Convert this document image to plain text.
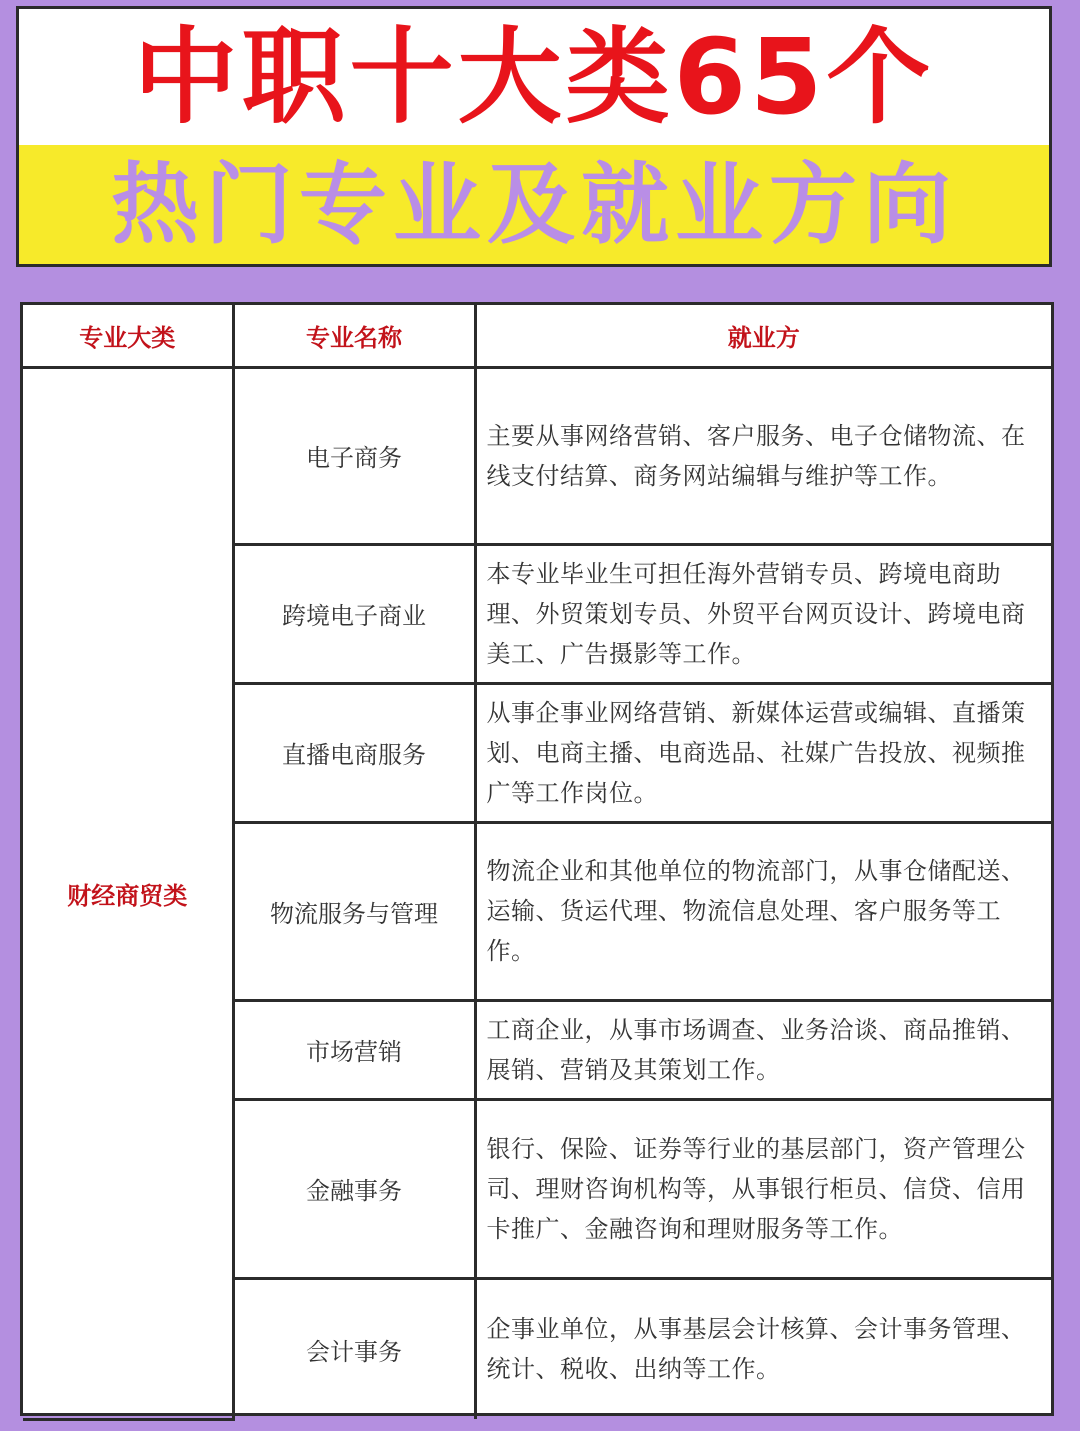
中职十大类65个
热门专业及就业方向
专业大类	专业名称	就业方
财经商贸类	电子商务	主要从事网络营销、客户服务、电子仓储物流、在线支付结算、商务网站编辑与维护等工作。
	跨境电子商业	本专业毕业生可担任海外营销专员、跨境电商助理、外贸策划专员、外贸平台网页设计、跨境电商美工、广告摄影等工作。
	直播电商服务	从事企事业网络营销、新媒体运营或编辑、直播策划、电商主播、电商选品、社媒广告投放、视频推广等工作岗位。
	物流服务与管理	物流企业和其他单位的物流部门，从事仓储配送、运输、货运代理、物流信息处理、客户服务等工作。
	市场营销	工商企业，从事市场调查、业务洽谈、商品推销、展销、营销及其策划工作。
	金融事务	银行、保险、证券等行业的基层部门，资产管理公司、理财咨询机构等，从事银行柜员、信贷、信用卡推广、金融咨询和理财服务等工作。
	会计事务	企事业单位，从事基层会计核算、会计事务管理、统计、税收、出纳等工作。
